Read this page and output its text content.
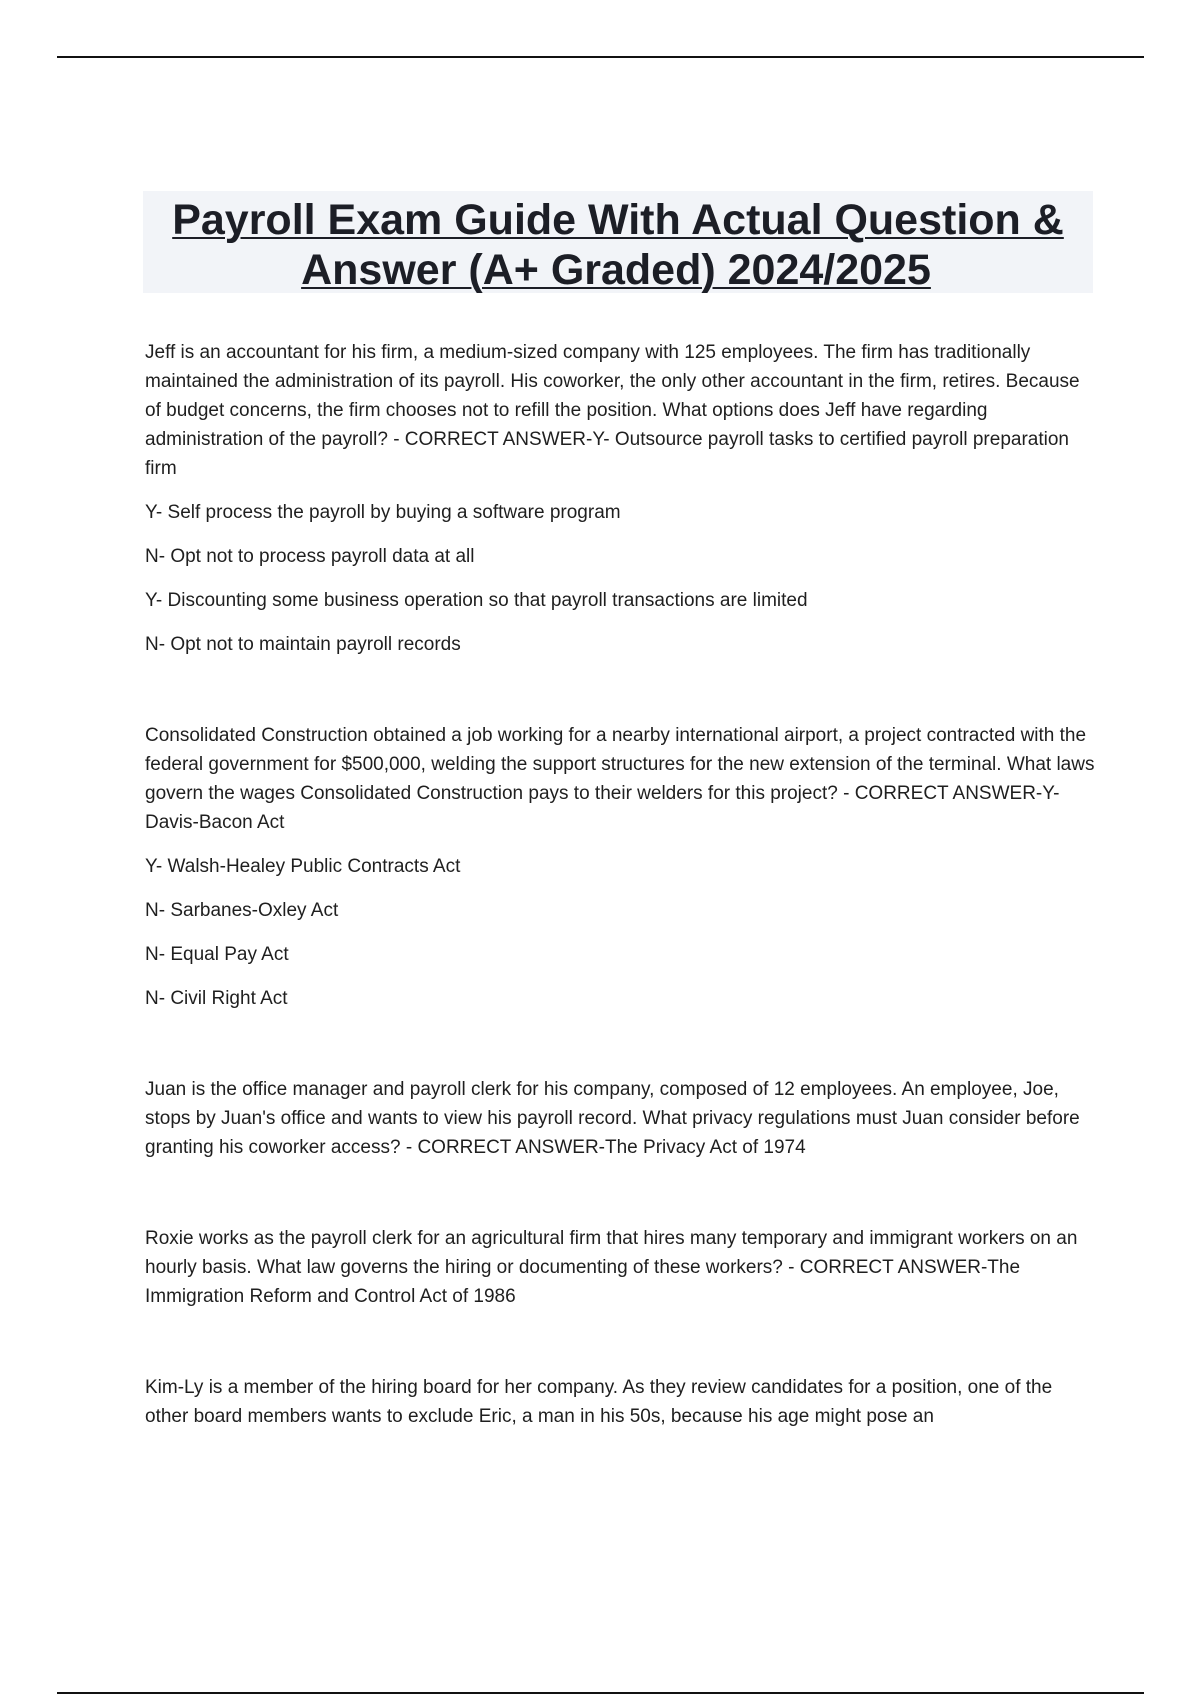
Payroll Exam Guide With Actual Question &
Answer (A+ Graded) 2024/2025

Jeff is an accountant for his firm, a medium-sized company with 125 employees. The firm has traditionally maintained the administration of its payroll. His coworker, the only other accountant in the firm, retires. Because of budget concerns, the firm chooses not to refill the position. What options does Jeff have regarding administration of the payroll? - CORRECT ANSWER-Y- Outsource payroll tasks to certified payroll preparation firm

Y- Self process the payroll by buying a software program

N- Opt not to process payroll data at all

Y- Discounting some business operation so that payroll transactions are limited

N- Opt not to maintain payroll records

Consolidated Construction obtained a job working for a nearby international airport, a project contracted with the federal government for $500,000, welding the support structures for the new extension of the terminal. What laws govern the wages Consolidated Construction pays to their welders for this project? - CORRECT ANSWER-Y-Davis-Bacon Act

Y- Walsh-Healey Public Contracts Act

N- Sarbanes-Oxley Act

N- Equal Pay Act

N- Civil Right Act

Juan is the office manager and payroll clerk for his company, composed of 12 employees. An employee, Joe, stops by Juan's office and wants to view his payroll record. What privacy regulations must Juan consider before granting his coworker access? - CORRECT ANSWER-The Privacy Act of 1974

Roxie works as the payroll clerk for an agricultural firm that hires many temporary and immigrant workers on an hourly basis. What law governs the hiring or documenting of these workers? - CORRECT ANSWER-The Immigration Reform and Control Act of 1986

Kim-Ly is a member of the hiring board for her company. As they review candidates for a position, one of the other board members wants to exclude Eric, a man in his 50s, because his age might pose an
